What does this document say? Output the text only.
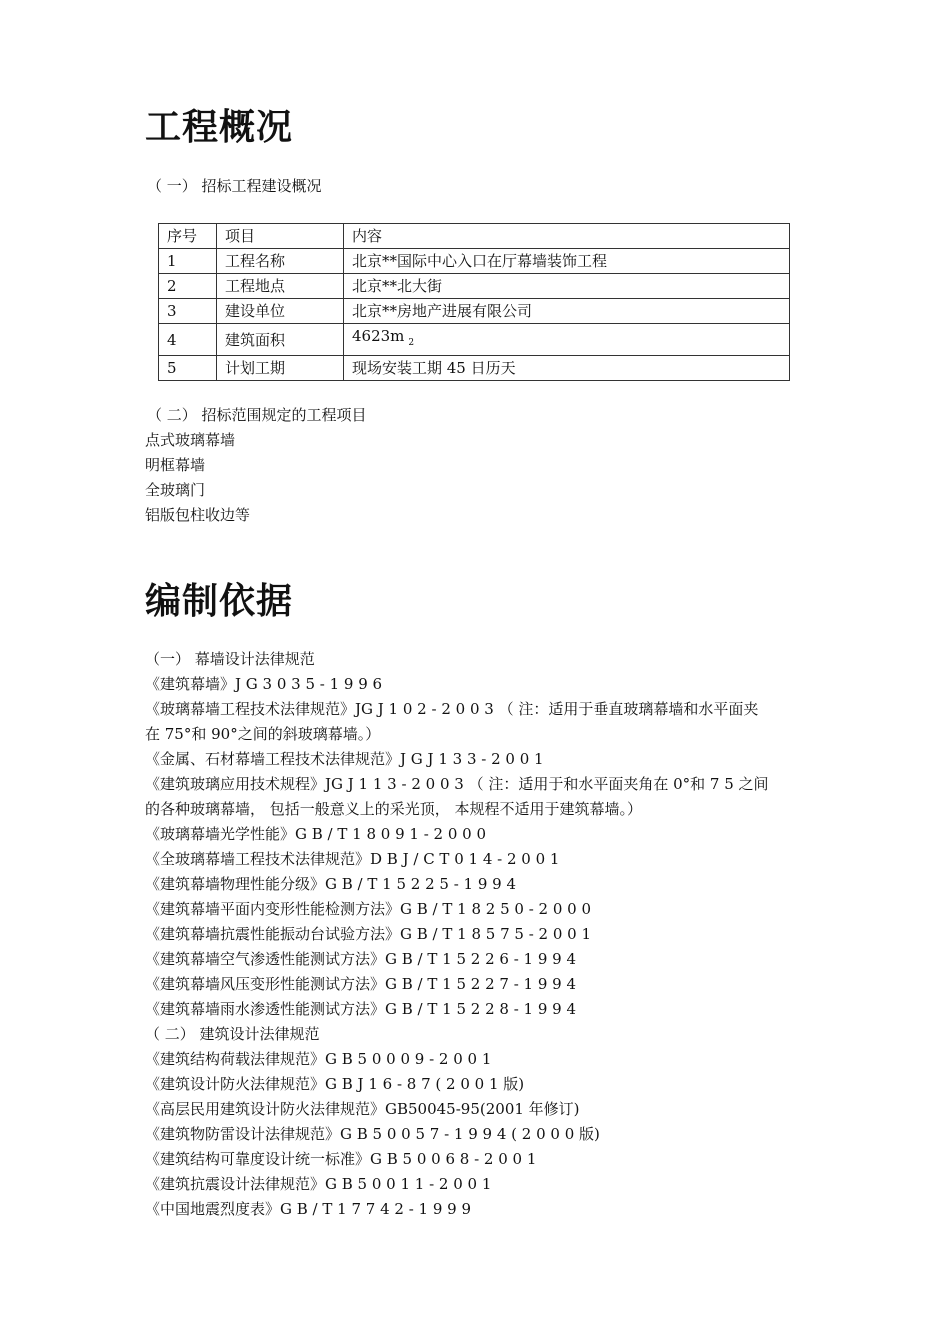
工程概况
（ 一） 招标工程建设概况
序号	项目	内容
1	工程名称	北京**国际中心入口在厅幕墙装饰工程
2	工程地点	北京**北大街
3	建设单位	北京**房地产进展有限公司
4	建筑面积	4623m $_2$
5	计划工期	现场安装工期 45 日历天
（ 二） 招标范围规定的工程项目
点式玻璃幕墙
明框幕墙
全玻璃门
铝版包柱收边等
编制依据
（一） 幕墙设计法律规范
《建筑幕墙》J G 3 0 3 5 - 1 9 9 6
《玻璃幕墙工程技术法律规范》JG J 1 0 2 - 2 0 0 3 （ 注：适用于垂直玻璃幕墙和水平面夹
在 75°和 90°之间的斜玻璃幕墙。）
《金属、石材幕墙工程技术法律规范》J G J 1 3 3 - 2 0 0 1
《建筑玻璃应用技术规程》JG J 1 1 3 - 2 0 0 3 （ 注：适用于和水平面夹角在 0°和 7 5 之间
的各种玻璃幕墙， 包括一般意义上的采光顶， 本规程不适用于建筑幕墙。）
《玻璃幕墙光学性能》G B / T 1 8 0 9 1 - 2 0 0 0
《全玻璃幕墙工程技术法律规范》D B J / C T 0 1 4 - 2 0 0 1
《建筑幕墙物理性能分级》G B / T 1 5 2 2 5 - 1 9 9 4
《建筑幕墙平面内变形性能检测方法》G B / T 1 8 2 5 0 - 2 0 0 0
《建筑幕墙抗震性能振动台试验方法》G B / T 1 8 5 7 5 - 2 0 0 1
《建筑幕墙空气渗透性能测试方法》G B / T 1 5 2 2 6 - 1 9 9 4
《建筑幕墙风压变形性能测试方法》G B / T 1 5 2 2 7 - 1 9 9 4
《建筑幕墙雨水渗透性能测试方法》G B / T 1 5 2 2 8 - 1 9 9 4
（ 二） 建筑设计法律规范
《建筑结构荷载法律规范》G B 5 0 0 0 9 - 2 0 0 1
《建筑设计防火法律规范》G B J 1 6 - 8 7 ( 2 0 0 1 版)
《高层民用建筑设计防火法律规范》GB50045-95(2001 年修订)
《建筑物防雷设计法律规范》G B 5 0 0 5 7 - 1 9 9 4 ( 2 0 0 0 版)
《建筑结构可靠度设计统一标准》G B 5 0 0 6 8 - 2 0 0 1
《建筑抗震设计法律规范》G B 5 0 0 1 1 - 2 0 0 1
《中国地震烈度表》G B / T 1 7 7 4 2 - 1 9 9 9
